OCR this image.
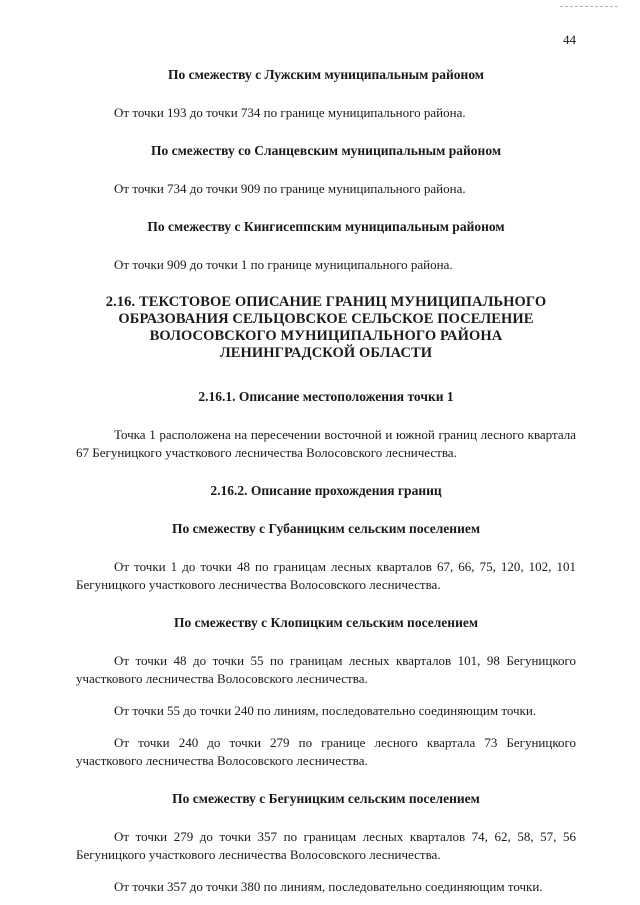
44

По смежеству с Лужским муниципальным районом

От точки 193 до точки 734 по границе муниципального района.

По смежеству со Сланцевским муниципальным районом

От точки 734 до точки 909 по границе муниципального района.

По смежеству с Кингисеппским муниципальным районом

От точки 909 до точки 1 по границе муниципального района.

2.16. ТЕКСТОВОЕ ОПИСАНИЕ ГРАНИЦ МУНИЦИПАЛЬНОГО

ОБРАЗОВАНИЯ СЕЛЬЦОВСКОЕ СЕЛЬСКОЕ ПОСЕЛЕНИЕ

ВОЛОСОВСКОГО МУНИЦИПАЛЬНОГО РАЙОНА

ЛЕНИНГРАДСКОЙ ОБЛАСТИ

2.16.1. Описание местоположения точки 1

Точка 1 расположена на пересечении восточной и южной границ лесного квартала 67 Бегуницкого участкового лесничества Волосовского лесничества.

2.16.2. Описание прохождения границ

По смежеству с Губаницким сельским поселением

От точки 1 до точки 48 по границам лесных кварталов 67, 66, 75, 120, 102, 101 Бегуницкого участкового лесничества Волосовского лесничества.

По смежеству с Клопицким сельским поселением

От точки 48 до точки 55 по границам лесных кварталов 101, 98 Бегуницкого участкового лесничества Волосовского лесничества.

От точки 55 до точки 240 по линиям, последовательно соединяющим точки.

От точки 240 до точки 279 по границе лесного квартала 73 Бегуницкого участкового лесничества Волосовского лесничества.

По смежеству с Бегуницким сельским поселением

От точки 279 до точки 357 по границам лесных кварталов 74, 62, 58, 57, 56 Бегуницкого участкового лесничества Волосовского лесничества.

От точки 357 до точки 380 по линиям, последовательно соединяющим точки.
